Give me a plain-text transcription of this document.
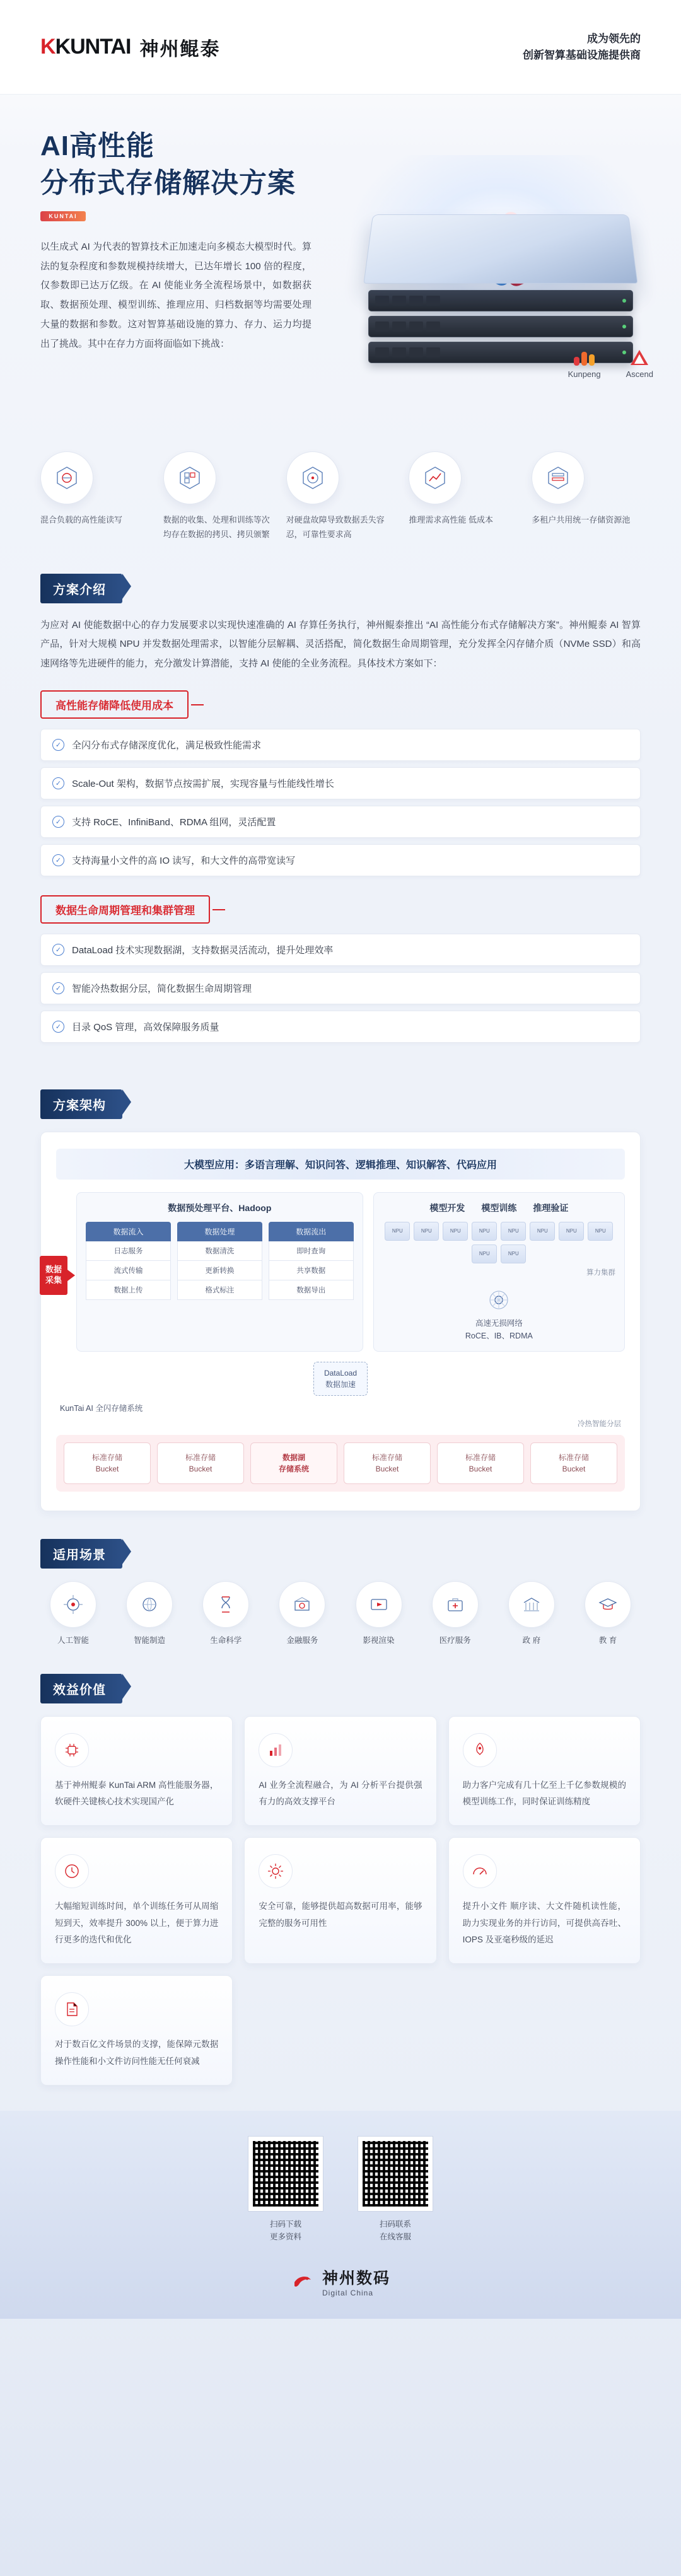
KKUNTAI 神州鲲泰	成为领先的
创新智算基础设施提供商
AI高性能
分布式存储解决方案
KUNTAI
以生成式 AI 为代表的智算技术正加速走向多模态大模型时代。算法的复杂程度和参数规模持续增大，已达年增长 100 倍的程度，仅参数即已达万亿级。在 AI 使能业务全流程场景中，如数据获取、数据预处理、模型训练、推理应用、归档数据等均需要处理大量的数据和参数。这对智算基础设施的算力、存力、运力均提出了挑战。其中在存力方面将面临如下挑战：
Kunpeng	Ascend
混合负载的高性能读写	数据的收集、处理和训练等次均存在数据的拷贝、拷贝颁繁
对硬盘故障导致数据丢失容忍，可靠性要求高
推理需求高性能 低成本	多租户共用统一存储资源池
方案介绍
为应对 AI 使能数据中心的存力发展要求以实现快速准确的 AI 存算任务执行，神州鲲泰推出 “AI 高性能分布式存储解决方案”。神州鲲泰 AI 智算产品，针对大规模 NPU 并发数据处理需求，以智能分层解耦、灵活搭配，简化数据生命周期管理，充分发挥全闪存储介质（NVMe SSD）和高速网络等先进硬件的能力，充分激发计算潜能，支持 AI 使能的全业务流程。具体技术方案如下：
高性能存储降低使用成本
✓	全闪分布式存储深度优化，满足极致性能需求
✓	Scale-Out 架构，数据节点按需扩展，实现容量与性能线性增长
✓	支持 RoCE、InfiniBand、RDMA 组网，灵活配置
✓	支持海量小文件的高 IO 读写，和大文件的高带宽读写
数据生命周期管理和集群管理
✓	DataLoad 技术实现数据湖，支持数据灵活流动，提升处理效率
✓	智能冷热数据分层，简化数据生命周期管理
✓	目录 QoS 管理，高效保障服务质量
方案架构
大模型应用：多语言理解、知识问答、逻辑推理、知识解答、代码应用
数据采集
数据预处理平台、Hadoop
数据流入
日志服务
流式传输
数据上传
数据处理
数据清洗
更新转换
格式标注
数据流出
即时查询
共享数据
数据导出
模型开发 模型训练 推理验证
NPU	NPU	NPU	NPU	NPU	NPU	NPU	NPU
NPU	NPU
算力集群
高速无损网络
RoCE、IB、RDMA
DataLoad
数据加速
KunTai AI 全闪存储系统
冷热智能分层
标准存储
Bucket
标准存储
Bucket
数据湖
存储系统
标准存储
Bucket
标准存储
Bucket
标准存储
Bucket
适用场景
人工智能	智能制造	生命科学	金融服务	影视渲染	医疗服务	政 府	教 育
效益价值

基于神州鲲泰 KunTai ARM 高性能服务器，软硬件关键核心技术实现国产化

AI 业务全流程融合，为 AI 分析平台提供强有力的高效支撑平台

助力客户完成有几十亿至上千亿参数规模的模型训练工作，同时保证训练精度

大幅缩短训练时间，单个训练任务可从周缩短到天，效率提升 300% 以上，便于算力进行更多的迭代和优化

安全可靠，能够提供超高数据可用率，能够完整的服务可用性

提升小文件 顺序读、大文件随机读性能，助力实现业务的并行访问，可提供高吞吐、IOPS 及亚毫秒级的延迟

对于数百亿文件场景的支撑，能保障元数据操作性能和小文件访问性能无任何衰减

扫码下载
更多资料
扫码联系
在线客服
神州数码
Digital China
